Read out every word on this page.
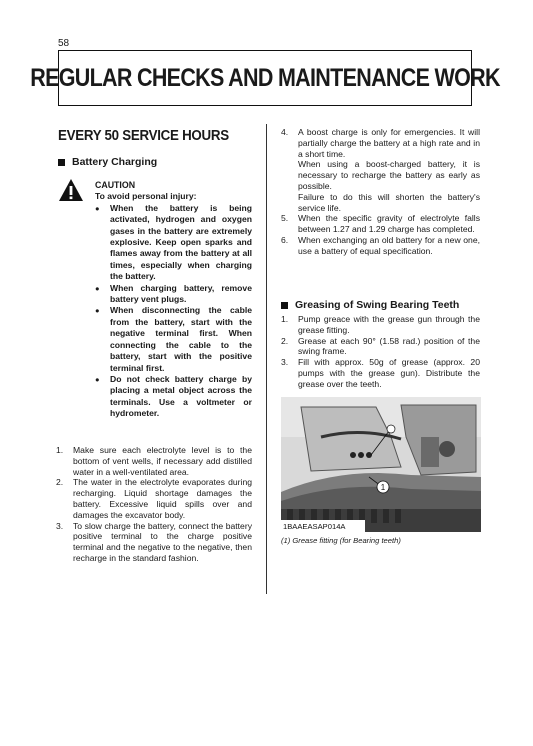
58
REGULAR CHECKS AND MAINTENANCE WORK
EVERY 50 SERVICE HOURS
Battery Charging
CAUTION
To avoid personal injury:
● When the battery is being activated, hydrogen and oxygen gases in the battery are extremely explosive. Keep open sparks and flames away from the battery at all times, especially when charging the battery.
● When charging battery, remove battery vent plugs.
● When disconnecting the cable from the battery, start with the negative terminal first. When connecting the cable to the battery, start with the positive terminal first.
● Do not check battery charge by placing a metal object across the terminals. Use a voltmeter or hydrometer.
1. Make sure each electrolyte level is to the bottom of vent wells, if necessary add distilled water in a well-ventilated area.
2. The water in the electrolyte evaporates during recharging. Liquid shortage damages the battery. Excessive liquid spills over and damages the excavator body.
3. To slow charge the battery, connect the battery positive terminal to the charge positive terminal and the negative to the negative, then recharge in the standard fashion.
4. A boost charge is only for emergencies. It will partially charge the battery at a high rate and in a short time.
When using a boost-charged battery, it is necessary to recharge the battery as early as possible.
Failure to do this will shorten the battery's service life.
5. When the specific gravity of electrolyte falls between 1.27 and 1.29 charge has completed.
6. When exchanging an old battery for a new one, use a battery of equal specification.
Greasing of Swing Bearing Teeth
1. Pump greace with the grease gun through the grease fitting.
2. Grease at each 90° (1.58 rad.) position of the swing frame.
3. Fill with approx. 50g of grease (approx. 20 pumps with the grease gun). Distribute the grease over the teeth.
1
1BAAEASAP014A
(1) Grease fitting (for Bearing teeth)
